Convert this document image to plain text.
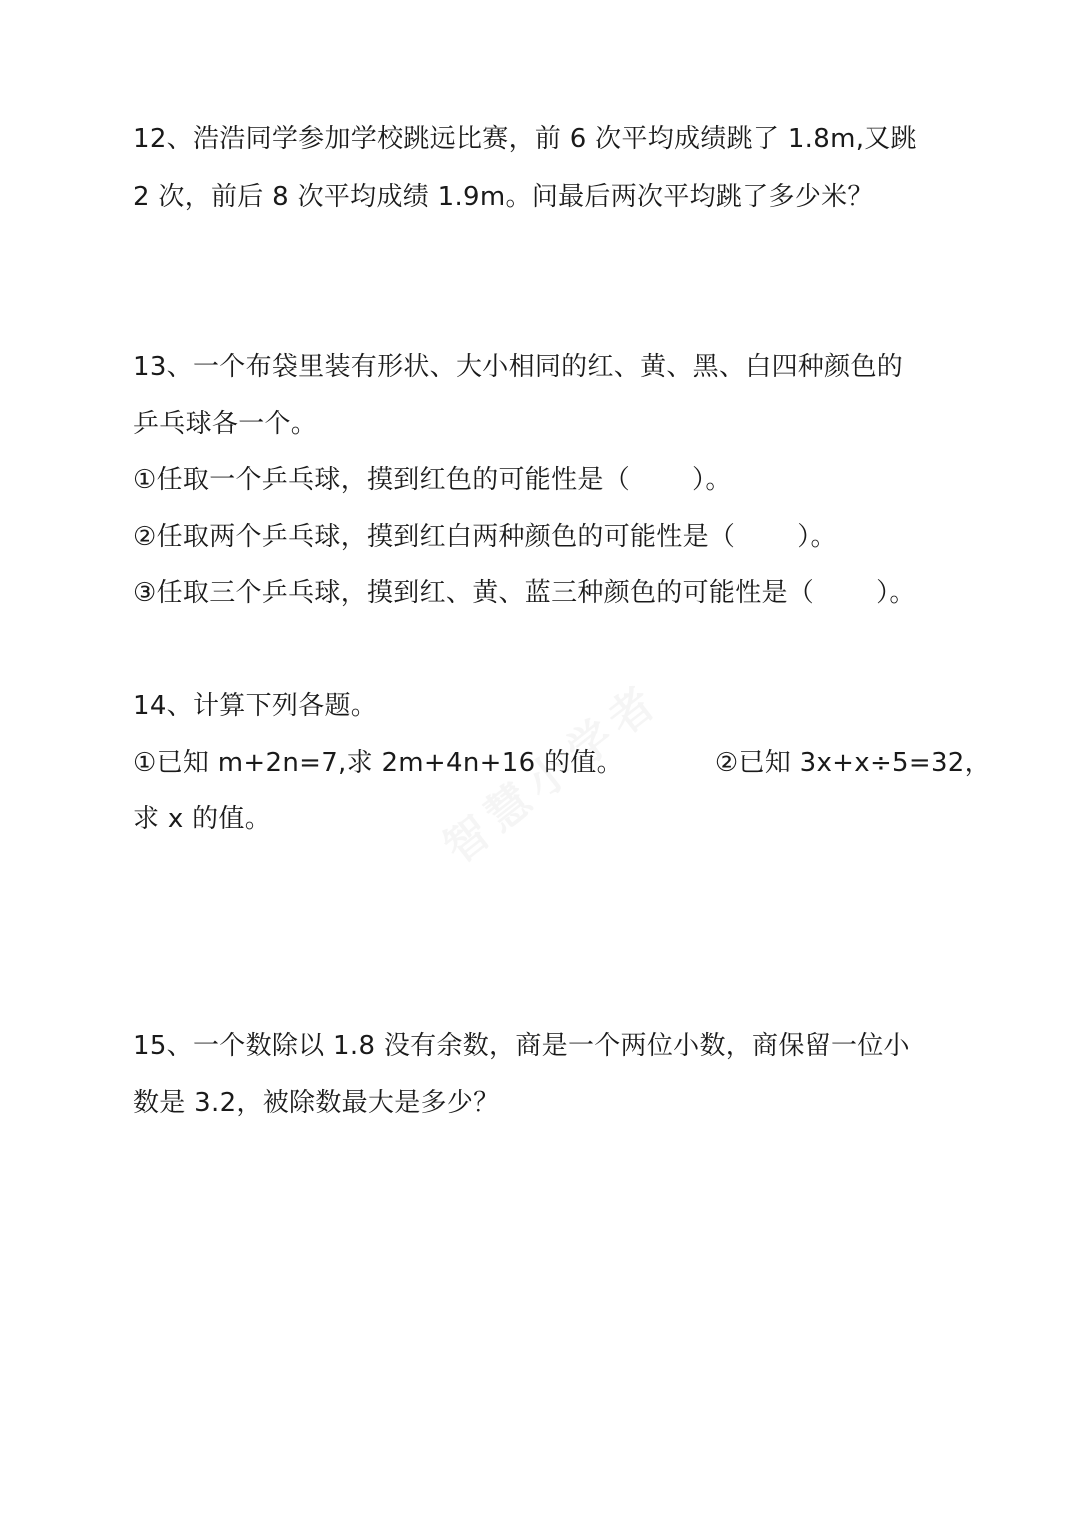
12、浩浩同学参加学校跳远比赛，前 6 次平均成绩跳了 1.8m,又跳
2 次，前后 8 次平均成绩 1.9m。问最后两次平均跳了多少米？
13、一个布袋里装有形状、大小相同的红、黄、黑、白四种颜色的
乒乓球各一个。
①任取一个乒乓球，摸到红色的可能性是（ ）。
②任取两个乒乓球，摸到红白两种颜色的可能性是（ ）。
③任取三个乒乓球，摸到红、黄、蓝三种颜色的可能性是（ ）。
14、计算下列各题。
①已知 m+2n=7,求 2m+4n+16 的值。	②已知 3x+x÷5=32，
求 x 的值。
15、一个数除以 1.8 没有余数，商是一个两位小数，商保留一位小
数是 3.2，被除数最大是多少？
